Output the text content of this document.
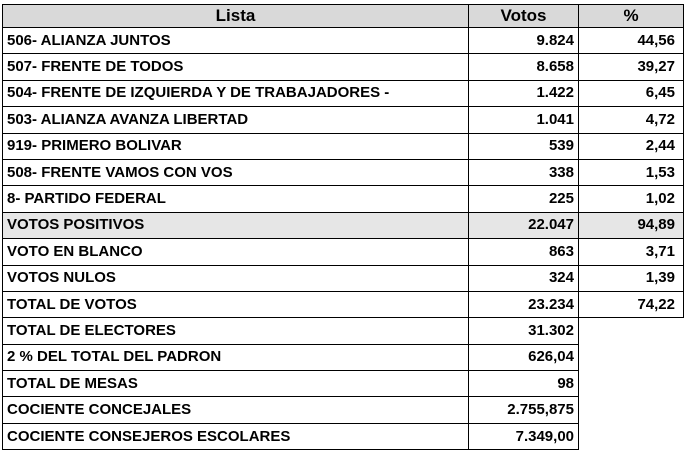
Lista	Votos	%
506- ALIANZA JUNTOS	9.824	44,56
507- FRENTE DE TODOS	8.658	39,27
504- FRENTE DE IZQUIERDA Y DE TRABAJADORES -	1.422	6,45
503- ALIANZA AVANZA LIBERTAD	1.041	4,72
919- PRIMERO BOLIVAR	539	2,44
508- FRENTE VAMOS CON VOS	338	1,53
8- PARTIDO FEDERAL	225	1,02
VOTOS POSITIVOS	22.047	94,89
VOTO EN BLANCO	863	3,71
VOTOS NULOS	324	1,39
TOTAL DE VOTOS	23.234	74,22
TOTAL DE ELECTORES	31.302	
2 % DEL TOTAL DEL PADRON	626,04	
TOTAL DE MESAS	98	
COCIENTE CONCEJALES	2.755,875	
COCIENTE CONSEJEROS ESCOLARES	7.349,00	
